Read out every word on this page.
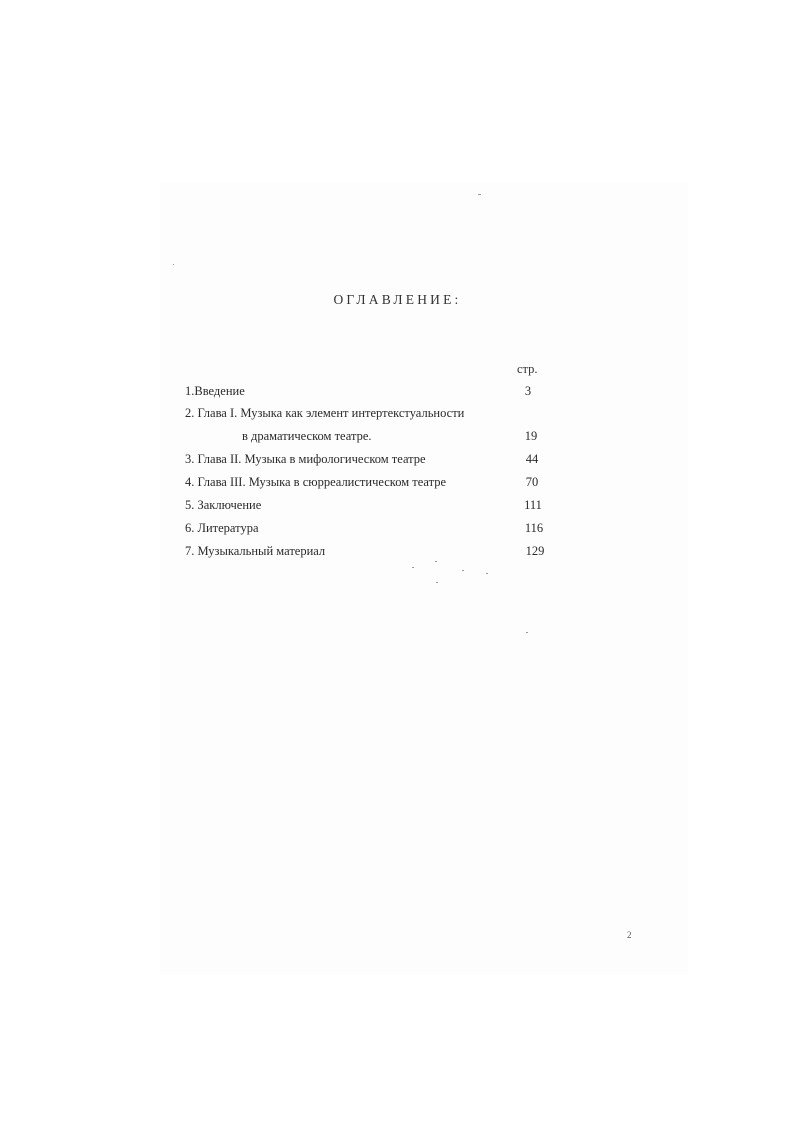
ОГЛАВЛЕНИЕ:
стр.
1.Введение	3
2. Глава I. Музыка как элемент интертекстуальности
в драматическом театре.	19
3. Глава II. Музыка в мифологическом театре	44
4. Глава III. Музыка в сюрреалистическом театре	70
5. Заключение	111
6. Литература	116
7. Музыкальный материал	129
2
